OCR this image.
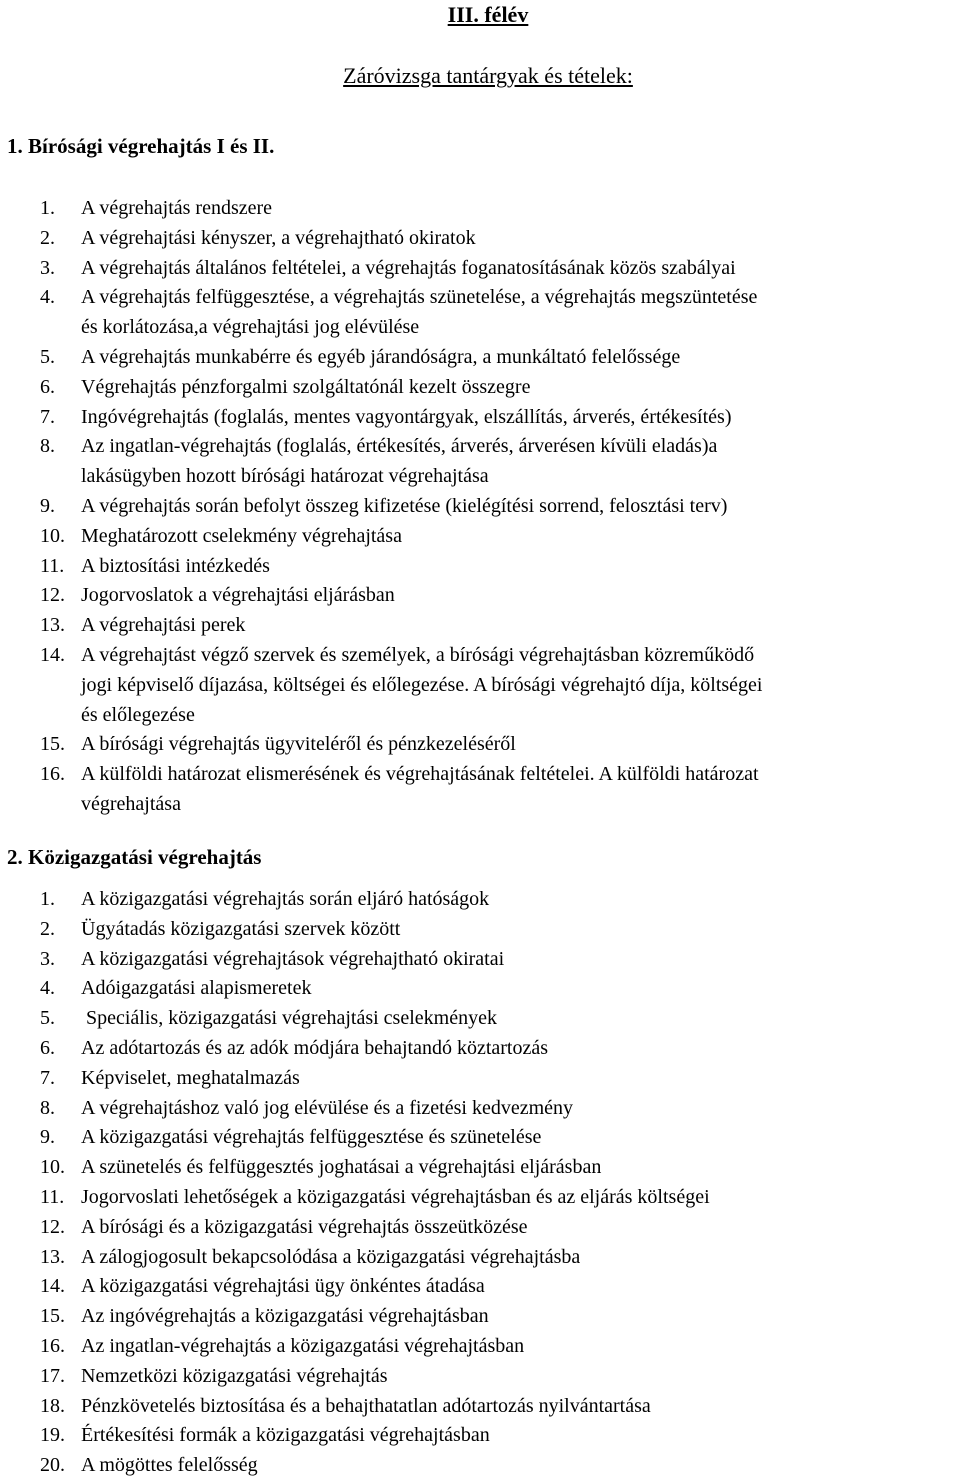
III. félév
Záróvizsga tantárgyak és tételek:
1. Bírósági végrehajtás I és II.
1. A végrehajtás rendszere
2. A végrehajtási kényszer, a végrehajtható okiratok
3. A végrehajtás általános feltételei, a végrehajtás foganatosításának közös szabályai
4. A végrehajtás felfüggesztése, a végrehajtás szünetelése, a végrehajtás megszüntetése
és korlátozása,a végrehajtási jog elévülése
5. A végrehajtás munkabérre és egyéb járandóságra, a munkáltató felelőssége
6. Végrehajtás pénzforgalmi szolgáltatónál kezelt összegre
7. Ingóvégrehajtás (foglalás, mentes vagyontárgyak, elszállítás, árverés, értékesítés)
8. Az ingatlan-végrehajtás (foglalás, értékesítés, árverés, árverésen kívüli eladás)a
lakásügyben hozott bírósági határozat végrehajtása
9. A végrehajtás során befolyt összeg kifizetése (kielégítési sorrend, felosztási terv)
10. Meghatározott cselekmény végrehajtása
11. A biztosítási intézkedés
12. Jogorvoslatok a végrehajtási eljárásban
13. A végrehajtási perek
14. A végrehajtást végző szervek és személyek, a bírósági végrehajtásban közreműködő
jogi képviselő díjazása, költségei és előlegezése. A bírósági végrehajtó díja, költségei
és előlegezése
15. A bírósági végrehajtás ügyviteléről és pénzkezeléséről
16. A külföldi határozat elismerésének és végrehajtásának feltételei. A külföldi határozat
végrehajtása
2. Közigazgatási végrehajtás
1. A közigazgatási végrehajtás során eljáró hatóságok
2. Ügyátadás közigazgatási szervek között
3. A közigazgatási végrehajtások végrehajtható okiratai
4. Adóigazgatási alapismeretek
5. Speciális, közigazgatási végrehajtási cselekmények
6. Az adótartozás és az adók módjára behajtandó köztartozás
7. Képviselet, meghatalmazás
8. A végrehajtáshoz való jog elévülése és a fizetési kedvezmény
9. A közigazgatási végrehajtás felfüggesztése és szünetelése
10. A szünetelés és felfüggesztés joghatásai a végrehajtási eljárásban
11. Jogorvoslati lehetőségek a közigazgatási végrehajtásban és az eljárás költségei
12. A bírósági és a közigazgatási végrehajtás összeütközése
13. A zálogjogosult bekapcsolódása a közigazgatási végrehajtásba
14. A közigazgatási végrehajtási ügy önkéntes átadása
15. Az ingóvégrehajtás a közigazgatási végrehajtásban
16. Az ingatlan-végrehajtás a közigazgatási végrehajtásban
17. Nemzetközi közigazgatási végrehajtás
18. Pénzkövetelés biztosítása és a behajthatatlan adótartozás nyilvántartása
19. Értékesítési formák a közigazgatási végrehajtásban
20. A mögöttes felelősség
